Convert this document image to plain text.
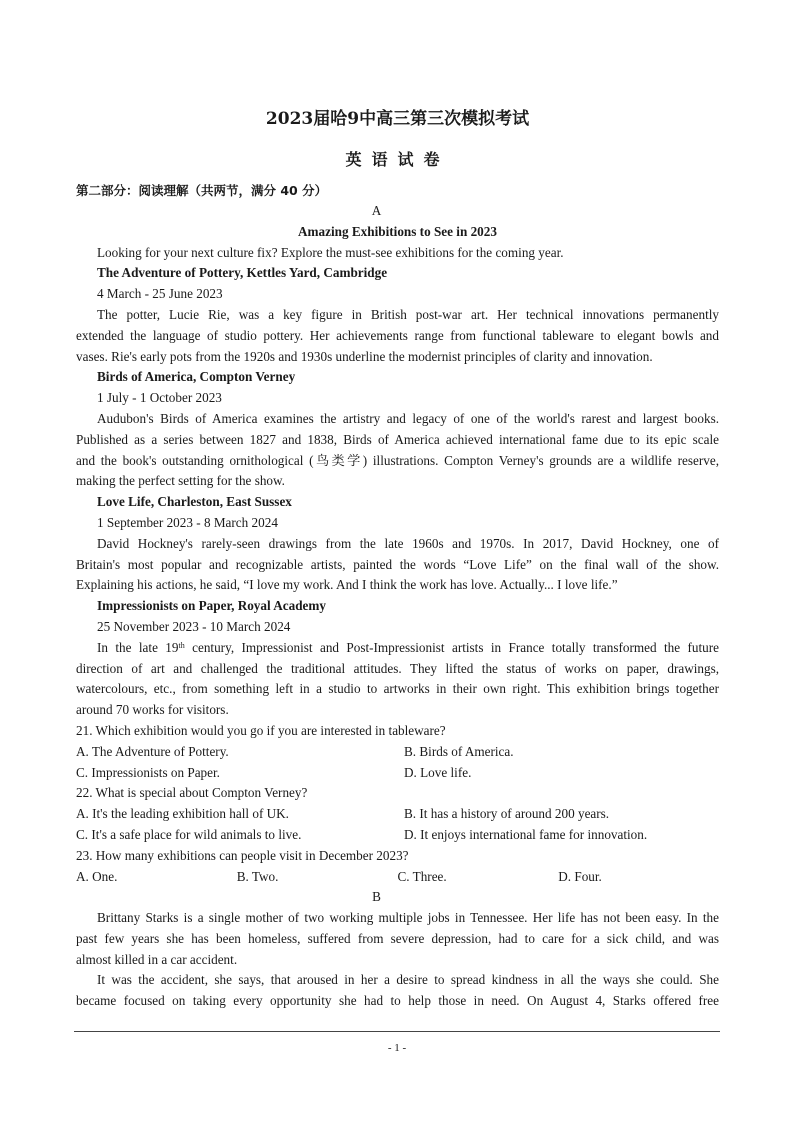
2023届哈9中高三第三次模拟考试
英语试卷

第二部分：阅读理解（共两节，满分 40 分）

A

Amazing Exhibitions to See in 2023

Looking for your next culture fix? Explore the must-see exhibitions for the coming year.

The Adventure of Pottery, Kettles Yard, Cambridge

4 March - 25 June 2023

The potter, Lucie Rie, was a key figure in British post-war art. Her technical innovations permanently

extended the language of studio pottery. Her achievements range from functional tableware to elegant bowls and

vases. Rie's early pots from the 1920s and 1930s underline the modernist principles of clarity and innovation.

Birds of America, Compton Verney

1 July - 1 October 2023

Audubon's Birds of America examines the artistry and legacy of one of the world's rarest and largest books.

Published as a series between 1827 and 1838, Birds of America achieved international fame due to its epic scale

and the book's outstanding ornithological (鸟类学) illustrations. Compton Verney's grounds are a wildlife reserve,

making the perfect setting for the show.

Love Life, Charleston, East Sussex

1 September 2023 - 8 March 2024

David Hockney's rarely-seen drawings from the late 1960s and 1970s. In 2017, David Hockney, one of

Britain's most popular and recognizable artists, painted the words “Love Life” on the final wall of the show.

Explaining his actions, he said, “I love my work. And I think the work has love. Actually... I love life.”

Impressionists on Paper, Royal Academy

25 November 2023 - 10 March 2024

In the late 19th century, Impressionist and Post-Impressionist artists in France totally transformed the future

direction of art and challenged the traditional attitudes. They lifted the status of works on paper, drawings,

watercolours, etc., from something left in a studio to artworks in their own right. This exhibition brings together

around 70 works for visitors.

21. Which exhibition would you go if you are interested in tableware?

A. The Adventure of Pottery.	B. Birds of America.
C. Impressionists on Paper.	D. Love life.

22. What is special about Compton Verney?

A. It's the leading exhibition hall of UK.	B. It has a history of around 200 years.
C. It's a safe place for wild animals to live.	D. It enjoys international fame for innovation.

23. How many exhibitions can people visit in December 2023?

A. One.	B. Two.	C. Three.	D. Four.

B

Brittany Starks is a single mother of two working multiple jobs in Tennessee. Her life has not been easy. In the

past few years she has been homeless, suffered from severe depression, had to care for a sick child, and was

almost killed in a car accident.

It was the accident, she says, that aroused in her a desire to spread kindness in all the ways she could. She

became focused on taking every opportunity she had to help those in need. On August 4, Starks offered free

- 1 -
